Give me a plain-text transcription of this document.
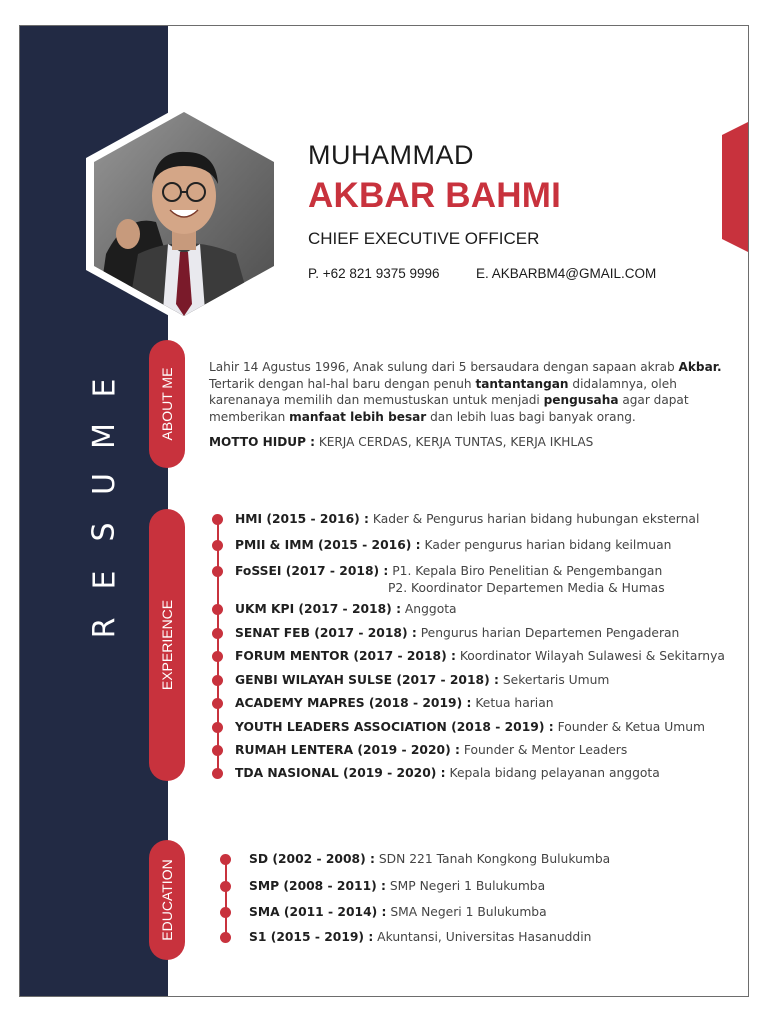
E
M
U
S
E
R
MUHAMMAD
AKBAR BAHMI
CHIEF EXECUTIVE OFFICER
P. +62 821 9375 9996	E. AKBARBM4@GMAIL.COM
ABOUT ME
Lahir 14 Agustus 1996, Anak sulung dari 5 bersaudara dengan sapaan akrab Akbar.
Tertarik dengan hal-hal baru dengan penuh tantantangan didalamnya, oleh karenanaya memilih dan memustuskan untuk menjadi pengusaha agar dapat memberikan manfaat lebih besar dan lebih luas bagi banyak orang.
MOTTO HIDUP : KERJA CERDAS, KERJA TUNTAS, KERJA IKHLAS
EXPERIENCE
HMI (2015 - 2016) : Kader & Pengurus harian bidang hubungan eksternal
PMII & IMM (2015 - 2016) : Kader pengurus harian bidang keilmuan
FoSSEI (2017 - 2018) : P1. Kepala Biro Penelitian & Pengembangan
P2. Koordinator Departemen Media & Humas
UKM KPI (2017 - 2018) : Anggota
SENAT FEB (2017 - 2018) : Pengurus harian Departemen Pengaderan
FORUM MENTOR (2017 - 2018) : Koordinator Wilayah Sulawesi & Sekitarnya
GENBI WILAYAH SULSE (2017 - 2018) : Sekertaris Umum
ACADEMY MAPRES (2018 - 2019) : Ketua harian
YOUTH LEADERS ASSOCIATION (2018 - 2019) : Founder & Ketua Umum
RUMAH LENTERA (2019 - 2020) : Founder & Mentor Leaders
TDA NASIONAL (2019 - 2020) : Kepala bidang pelayanan anggota
EDUCATION
SD (2002 - 2008) : SDN 221 Tanah Kongkong Bulukumba
SMP (2008 - 2011) : SMP Negeri 1 Bulukumba
SMA (2011 - 2014) : SMA Negeri 1 Bulukumba
S1 (2015 - 2019) : Akuntansi, Universitas Hasanuddin
